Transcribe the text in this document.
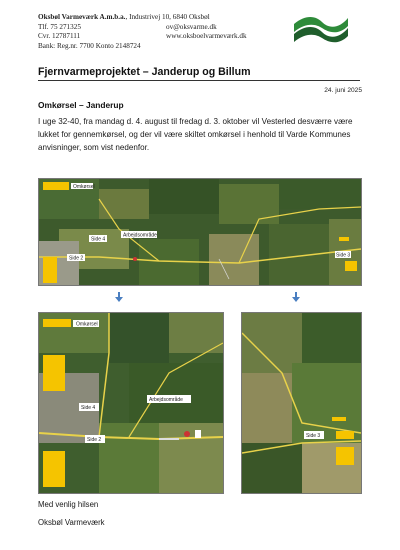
Oksbøl Varmeværk A.m.b.a., Industrivej 10, 6840 Oksbøl
Tlf. 75 271325	ov@oksvarme.dk
Cvr. 12787111	www.oksboelvarmeværk.dk
Bank: Reg.nr. 7700 Konto 2148724
Fjernvarmeprojektet – Janderup og Billum
24. juni 2025
Omkørsel – Janderup
I uge 32-40, fra mandag d. 4. august til fredag d. 3. oktober vil Vesterled desværre være lukket for gennemkørsel, og der vil være skiltet omkørsel i henhold til Varde Kommunes anvisninger, som vist nedenfor.
Omkørsel
Arbejdsområde
Side 4
Side 2	Side 3
Omkørsel
Side 4
Arbejdsområde
Side 2
Side 3
Med venlig hilsen
Oksbøl Varmeværk
